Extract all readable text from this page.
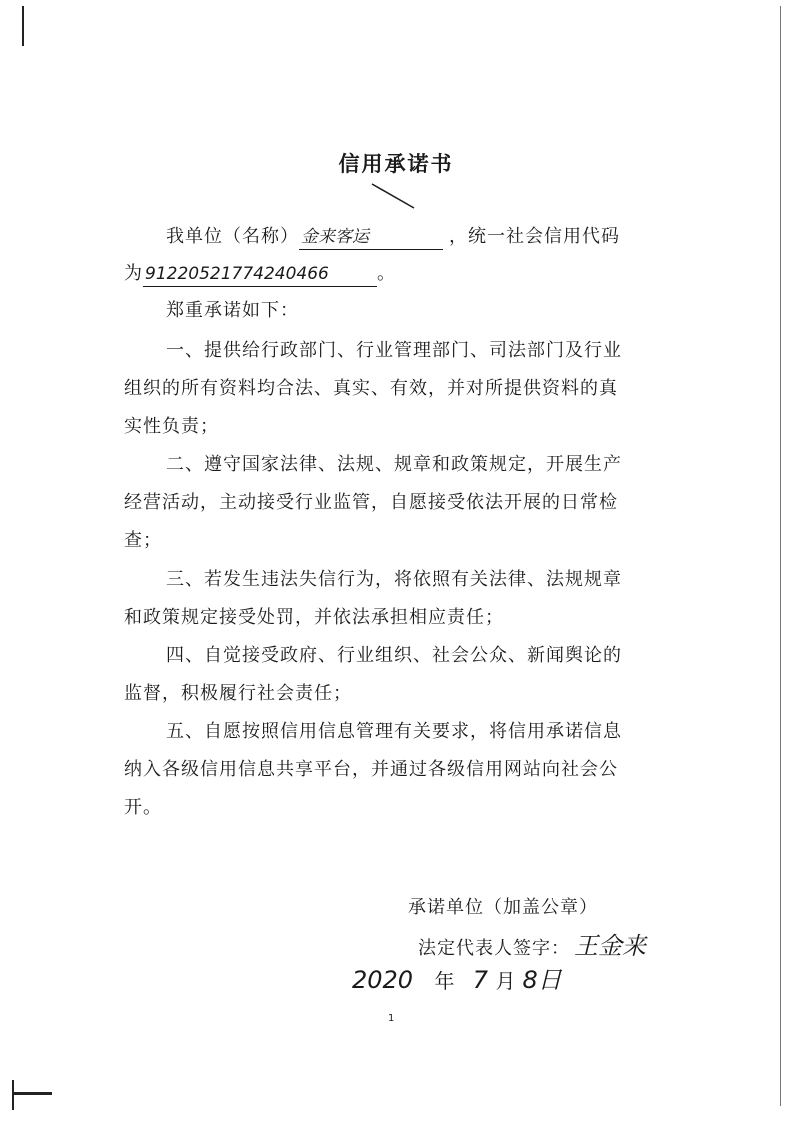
信用承诺书
我单位（名称） 金来客运	，统一社会信用代码
为 91220521774240466	。
郑重承诺如下：
一、提供给行政部门、行业管理部门、司法部门及行业
组织的所有资料均合法、真实、有效，并对所提供资料的真
实性负责；
二、遵守国家法律、法规、规章和政策规定，开展生产
经营活动，主动接受行业监管，自愿接受依法开展的日常检
查；
三、若发生违法失信行为，将依照有关法律、法规规章
和政策规定接受处罚，并依法承担相应责任；
四、自觉接受政府、行业组织、社会公众、新闻舆论的
监督，积极履行社会责任；
五、自愿按照信用信息管理有关要求，将信用承诺信息
纳入各级信用信息共享平台，并通过各级信用网站向社会公
开。
承诺单位（加盖公章）
法定代表人签字： 王金来
2020 年 7 月 8日
1
